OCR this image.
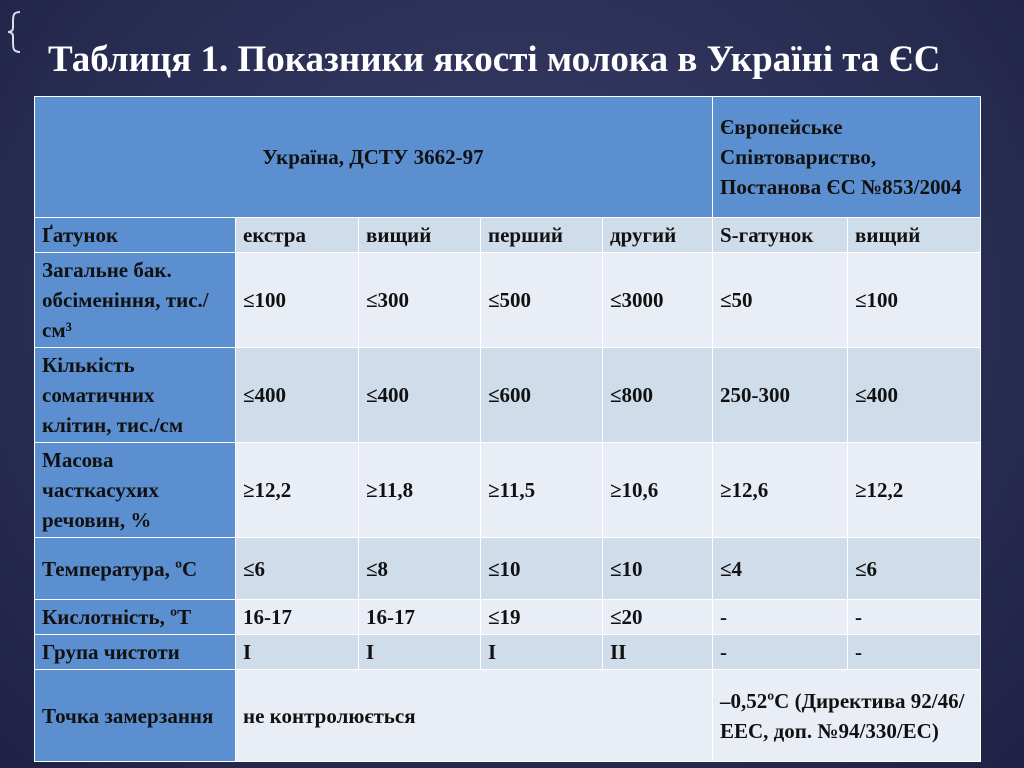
Таблиця 1. Показники якості молока в Україні та ЄС
Україна, ДСТУ 3662-97					Європейське Співтовариство, Постанова ЄС №853/2004	
Ґатунок	екстра	вищий	перший	другий	S-гатунок	вищий
Загальне бак. обсіменіння, тис./см³	≤100	≤300	≤500	≤3000	≤50	≤100
Кількість соматичних клітин, тис./см	≤400	≤400	≤600	≤800	250-300	≤400
Масова часткасухих речовин, %	≥12,2	≥11,8	≥11,5	≥10,6	≥12,6	≥12,2
Температура, ºС	≤6	≤8	≤10	≤10	≤4	≤6
Кислотність, ºТ	16-17	16-17	≤19	≤20	-	-
Група чистоти	І	І	І	ІІ	-	-
Точка замерзання	не контролюється				–0,52ºС (Директива 92/46/ЕЕС, доп. №94/330/ЕС)	
